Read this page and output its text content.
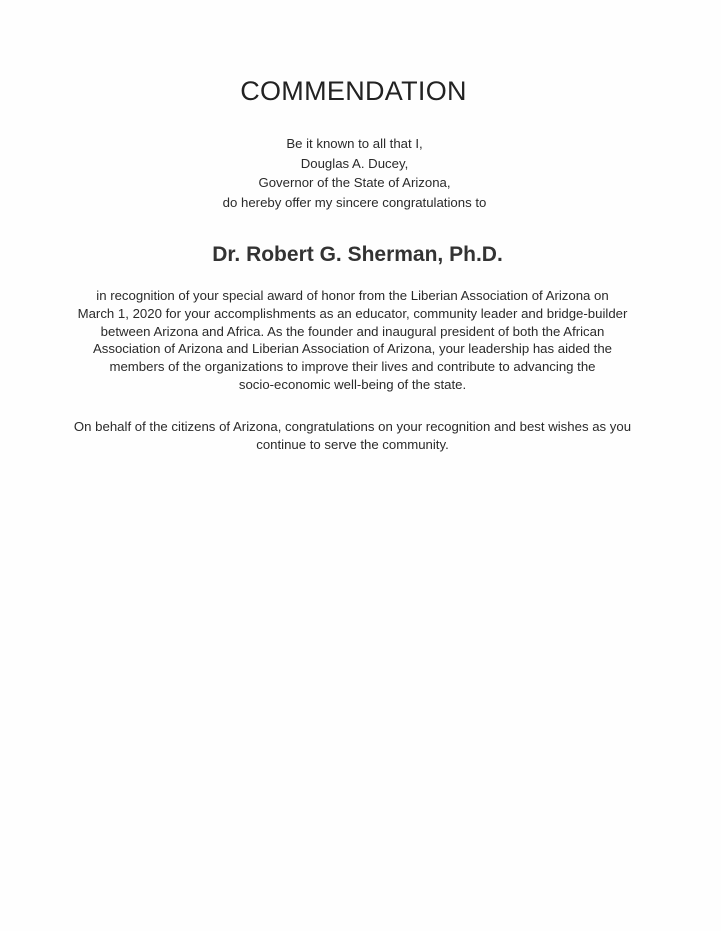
COMMENDATION
Be it known to all that I,
Douglas A. Ducey,
Governor of the State of Arizona,
do hereby offer my sincere congratulations to
Dr. Robert G. Sherman, Ph.D.
in recognition of your special award of honor from the Liberian Association of Arizona on
March 1, 2020 for your accomplishments as an educator, community leader and bridge-builder
between Arizona and Africa. As the founder and inaugural president of both the African
Association of Arizona and Liberian Association of Arizona, your leadership has aided the
members of the organizations to improve their lives and contribute to advancing the
socio-economic well-being of the state.
On behalf of the citizens of Arizona, congratulations on your recognition and best wishes as you
continue to serve the community.
